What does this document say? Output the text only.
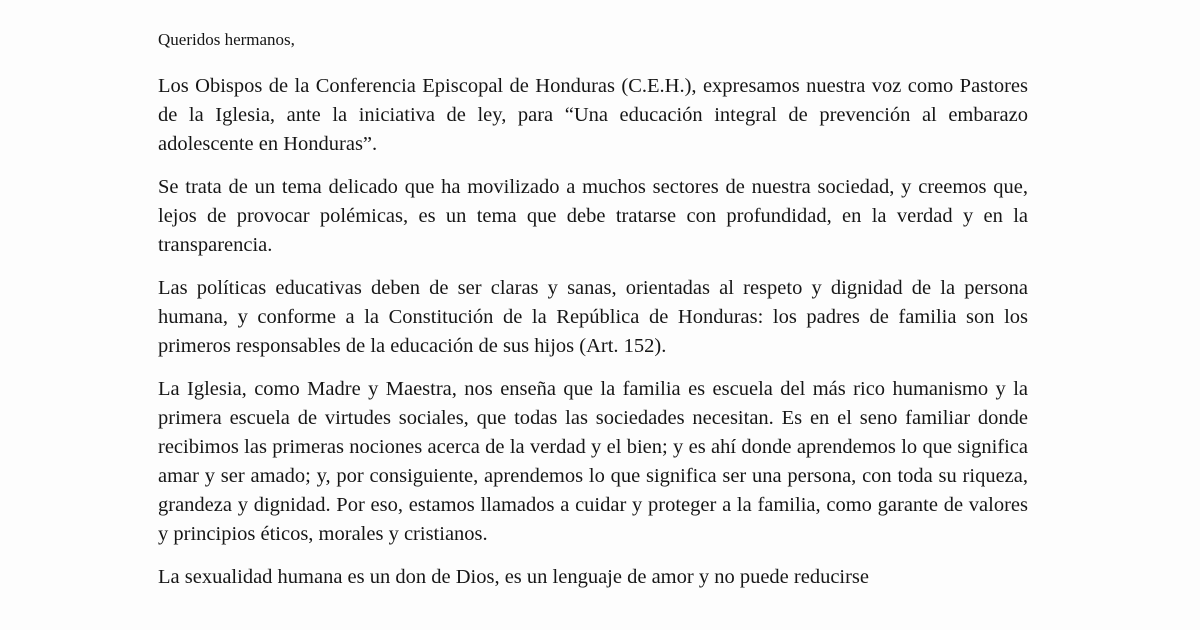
Queridos hermanos,

Los Obispos de la Conferencia Episcopal de Honduras (C.E.H.), expresamos nuestra voz como Pastores de la Iglesia, ante la iniciativa de ley, para “Una educación integral de prevención al embarazo adolescente en Honduras”.

Se trata de un tema delicado que ha movilizado a muchos sectores de nuestra sociedad, y creemos que, lejos de provocar polémicas, es un tema que debe tratarse con profundidad, en la verdad y en la transparencia.

Las políticas educativas deben de ser claras y sanas, orientadas al respeto y dignidad de la persona humana, y conforme a la Constitución de la República de Honduras: los padres de familia son los primeros responsables de la educación de sus hijos (Art. 152).

La Iglesia, como Madre y Maestra, nos enseña que la familia es escuela del más rico humanismo y la primera escuela de virtudes sociales, que todas las sociedades necesitan. Es en el seno familiar donde recibimos las primeras nociones acerca de la verdad y el bien; y es ahí donde aprendemos lo que significa amar y ser amado; y, por consiguiente, aprendemos lo que significa ser una persona, con toda su riqueza, grandeza y dignidad. Por eso, estamos llamados a cuidar y proteger a la familia, como garante de valores y principios éticos, morales y cristianos.

La sexualidad humana es un don de Dios, es un lenguaje de amor y no puede reducirse
